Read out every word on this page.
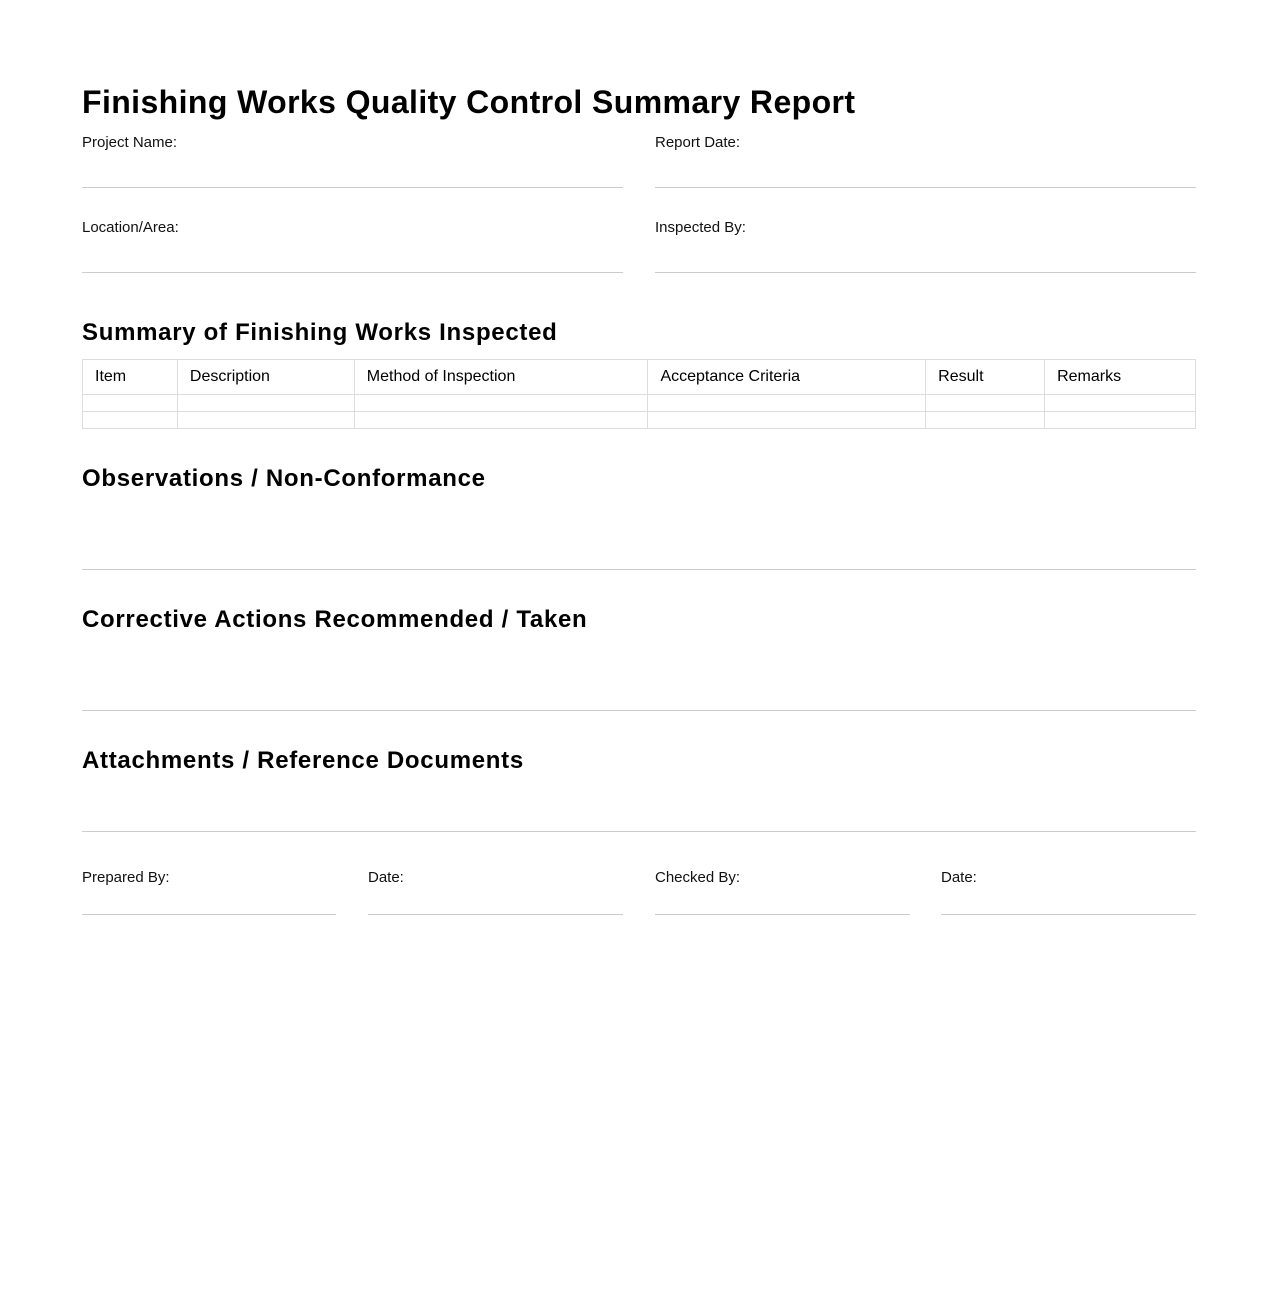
Finishing Works Quality Control Summary Report
Project Name:	Report Date:
Location/Area:	Inspected By:
Summary of Finishing Works Inspected
Item	Description	Method of Inspection	Acceptance Criteria	Result	Remarks

Observations / Non-Conformance
Corrective Actions Recommended / Taken
Attachments / Reference Documents
Prepared By:	Date:	Checked By:	Date:
